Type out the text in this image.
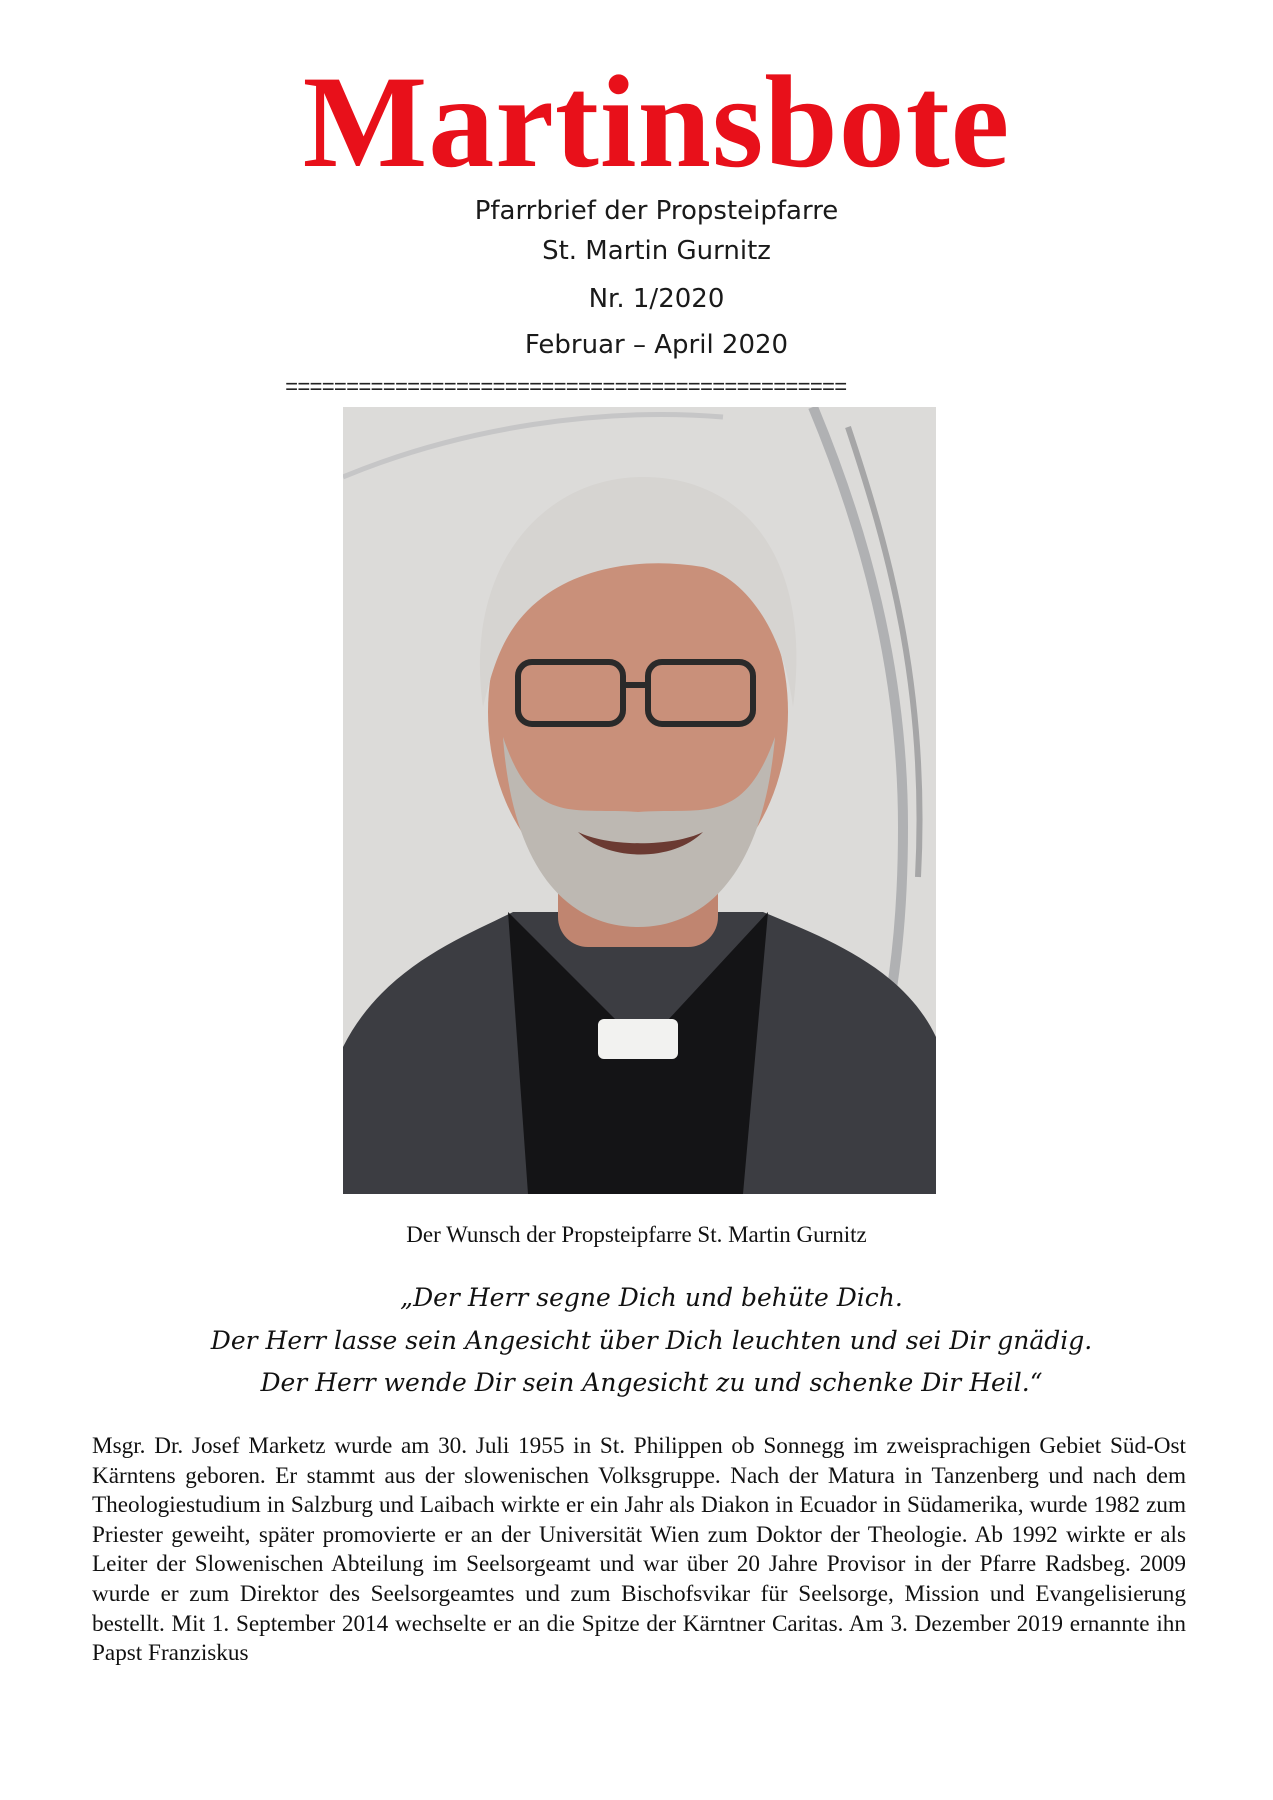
Martinsbote
Pfarrbrief der Propsteipfarre
St. Martin Gurnitz
Nr. 1/2020
Februar – April 2020
==============================================
Der Wunsch der Propsteipfarre St. Martin Gurnitz
„Der Herr segne Dich und behüte Dich.
Der Herr lasse sein Angesicht über Dich leuchten und sei Dir gnädig.
Der Herr wende Dir sein Angesicht zu und schenke Dir Heil.“
Msgr. Dr. Josef Marketz wurde am 30. Juli 1955 in St. Philippen ob Sonnegg im zweisprachigen Gebiet Süd-Ost Kärntens geboren. Er stammt aus der slowenischen Volksgruppe. Nach der Matura in Tanzenberg und nach dem Theologiestudium in Salzburg und Laibach wirkte er ein Jahr als Diakon in Ecuador in Südamerika, wurde 1982 zum Priester geweiht, später promovierte er an der Universität Wien zum Doktor der Theologie. Ab 1992 wirkte er als Leiter der Slowenischen Abteilung im Seelsorgeamt und war über 20 Jahre Provisor in der Pfarre Radsbeg. 2009 wurde er zum Direktor des Seelsorgeamtes und zum Bischofsvikar für Seelsorge, Mission und Evangelisierung bestellt. Mit 1. September 2014 wechselte er an die Spitze der Kärntner Caritas. Am 3. Dezember 2019 ernannte ihn Papst Franziskus
